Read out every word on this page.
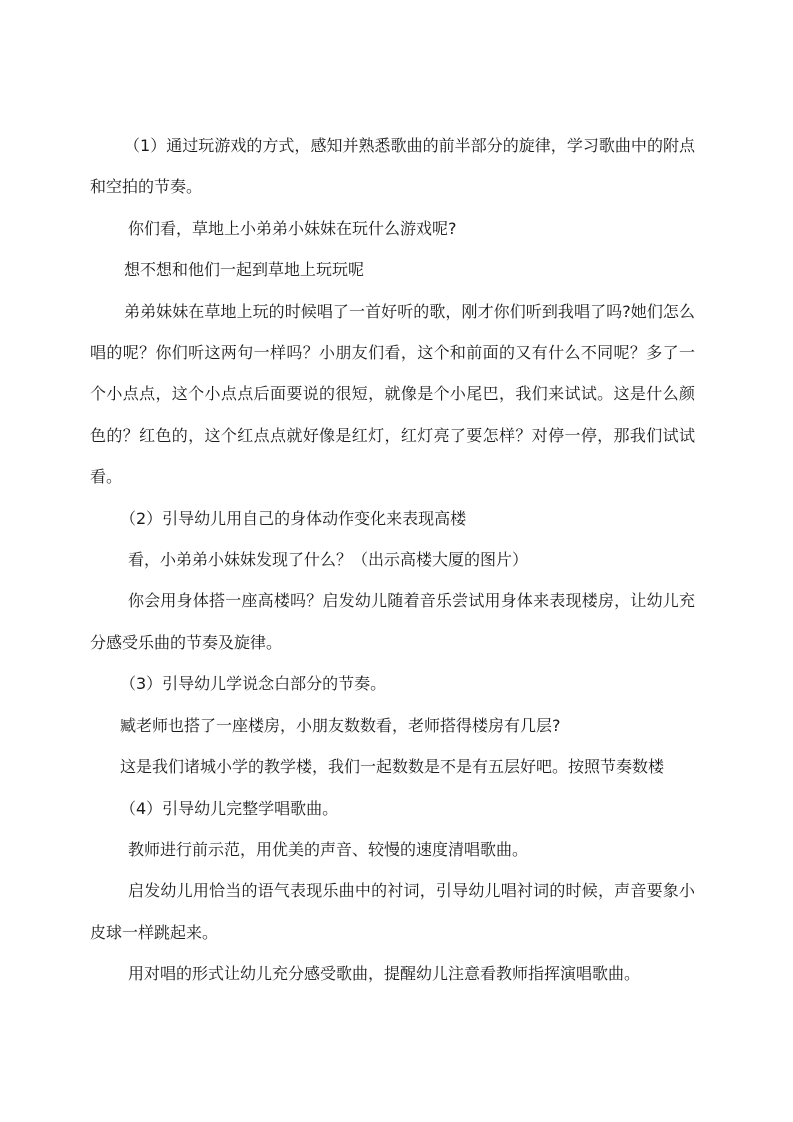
（1）通过玩游戏的方式，感知并熟悉歌曲的前半部分的旋律，学习歌曲中的附点和空拍的节奏。

你们看，草地上小弟弟小妹妹在玩什么游戏呢?

想不想和他们一起到草地上玩玩呢

弟弟妹妹在草地上玩的时候唱了一首好听的歌，刚才你们听到我唱了吗?她们怎么唱的呢？你们听这两句一样吗？小朋友们看，这个和前面的又有什么不同呢？多了一个小点点，这个小点点后面要说的很短，就像是个小尾巴，我们来试试。这是什么颜色的？红色的，这个红点点就好像是红灯，红灯亮了要怎样？对停一停，那我们试试看。

（2）引导幼儿用自己的身体动作变化来表现高楼

看，小弟弟小妹妹发现了什么？（出示高楼大厦的图片）

你会用身体搭一座高楼吗？启发幼儿随着音乐尝试用身体来表现楼房，让幼儿充分感受乐曲的节奏及旋律。

（3）引导幼儿学说念白部分的节奏。

臧老师也搭了一座楼房，小朋友数数看，老师搭得楼房有几层?

这是我们诸城小学的教学楼，我们一起数数是不是有五层好吧。按照节奏数楼

（4）引导幼儿完整学唱歌曲。

教师进行前示范，用优美的声音、较慢的速度清唱歌曲。

启发幼儿用恰当的语气表现乐曲中的衬词，引导幼儿唱衬词的时候，声音要象小皮球一样跳起来。

用对唱的形式让幼儿充分感受歌曲，提醒幼儿注意看教师指挥演唱歌曲。
